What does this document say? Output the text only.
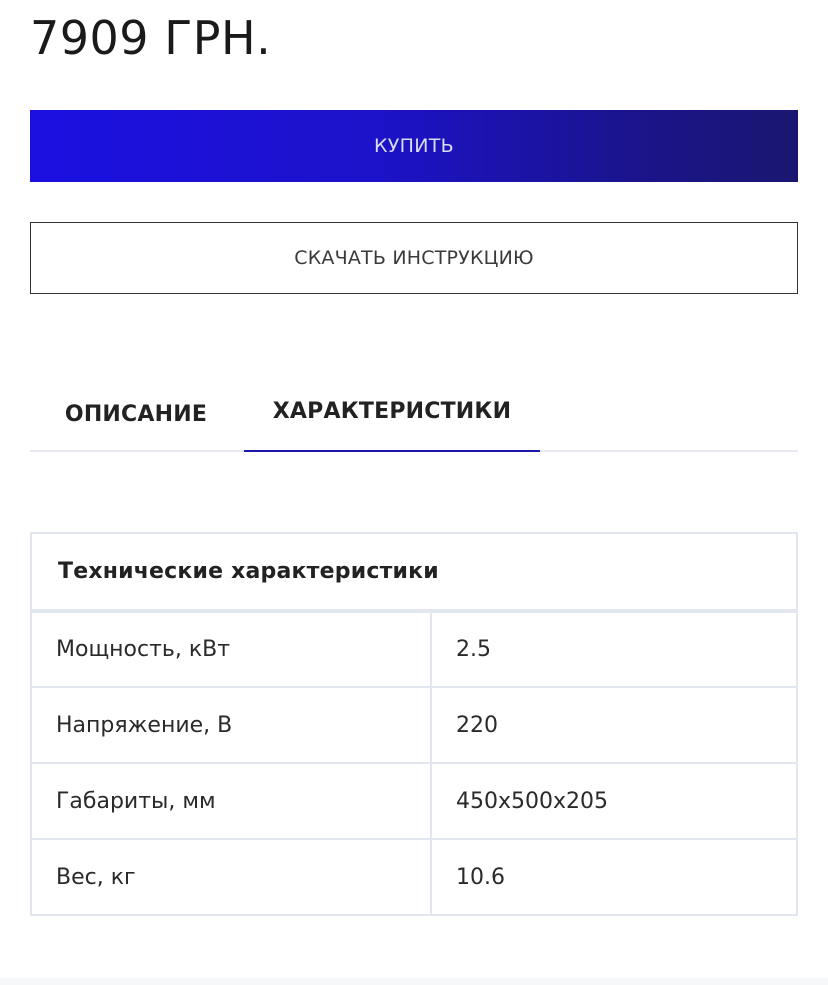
7909 ГРН.
КУПИТЬ
СКАЧАТЬ ИНСТРУКЦИЮ
ОПИСАНИЕ	ХАРАКТЕРИСТИКИ
Технические характеристики	
Мощность, кВт	2.5
Напряжение, В	220
Габариты, мм	450x500x205
Вес, кг	10.6
